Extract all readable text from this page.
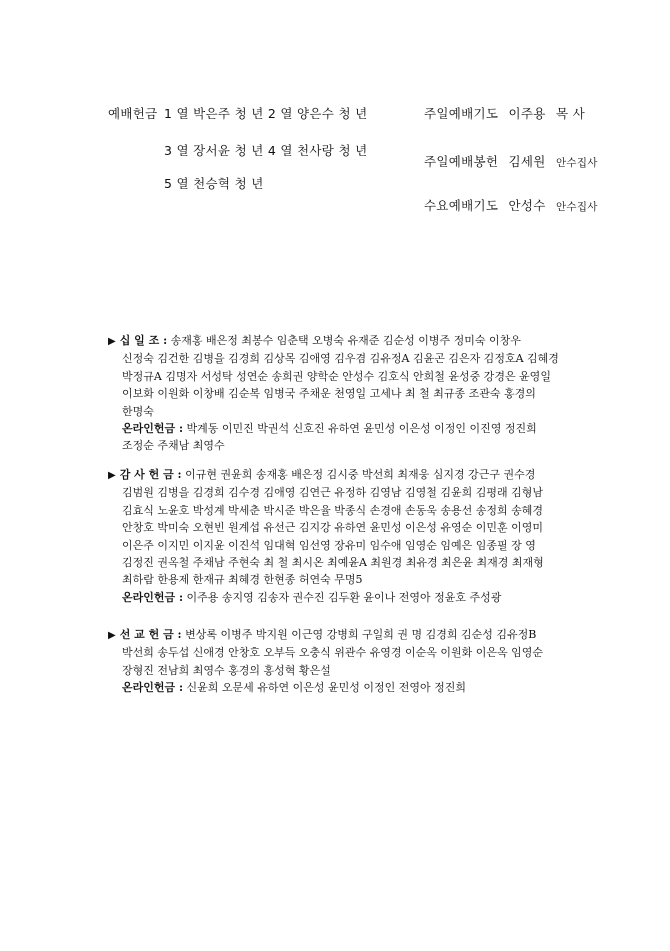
예배헌금 1 열 박은주 청 년 2 열 양은수 청 년
3 열 장서윤 청 년 4 열 천사랑 청 년
5 열 천승혁 청 년
주일예배기도 이주용 목 사
주일예배봉헌 김세원 안수집사
수요예배기도 안성수 안수집사
▶ 십 일 조 : 송재홍 배은정 최봉수 임춘택 오병숙 유재준 김순성 이병주 정미숙 이창우
신정숙 김건한 김병을 김경희 김상목 김애영 김우겸 김유정A 김윤곤 김은자 김정호A 김혜경
박정규A 김명자 서성탁 성연순 송희권 양학순 안성수 김호식 안희철 윤성중 강경은 윤영일
이보화 이원화 이창배 김순복 임병국 주채운 천영일 고세나 최 철 최규종 조관숙 홍경의
한명숙
온라인헌금 : 박계동 이민진 박권석 신호진 유하연 윤민성 이은성 이정인 이진영 정진희
조정순 주채남 최영수
▶ 감 사 헌 금 : 이규현 권윤희 송재홍 배은정 김시중 박선희 최재웅 심지경 강근구 권수경
김범원 김병을 김경희 김수경 김애영 김연근 유정하 김영남 김영철 김윤희 김평래 김형남
김효식 노윤호 박성계 박세춘 박시준 박은율 박종식 손경애 손동욱 송용선 송정희 송혜경
안창호 박미숙 오현빈 원계섭 유선근 김지강 유하연 윤민성 이은성 유영순 이민훈 이영미
이은주 이지민 이지윤 이진석 임대혁 임선영 장유미 임수애 임영순 임예은 임종필 장 영
김정진 권옥철 주채남 주현숙 최 철 최시온 최예윤A 최원경 최유경 최은윤 최재경 최재형
최하람 한용제 한재규 최혜경 한현종 허연숙 무명5
온라인헌금 : 이주용 송지영 김송자 권수진 김두환 윤이나 전영아 정윤호 주성광
▶ 선 교 헌 금 : 변상록 이병주 박지원 이근영 강병희 구일희 권 명 김경희 김순성 김유정B
박선희 송두섭 신애경 안창호 오부득 오충식 위관수 유영경 이순옥 이원화 이은옥 임영순
장형진 전남희 최영수 홍경의 홍성혁 황은설
온라인헌금 : 신윤희 오문세 유하연 이은성 윤민성 이정인 전영아 정진희
